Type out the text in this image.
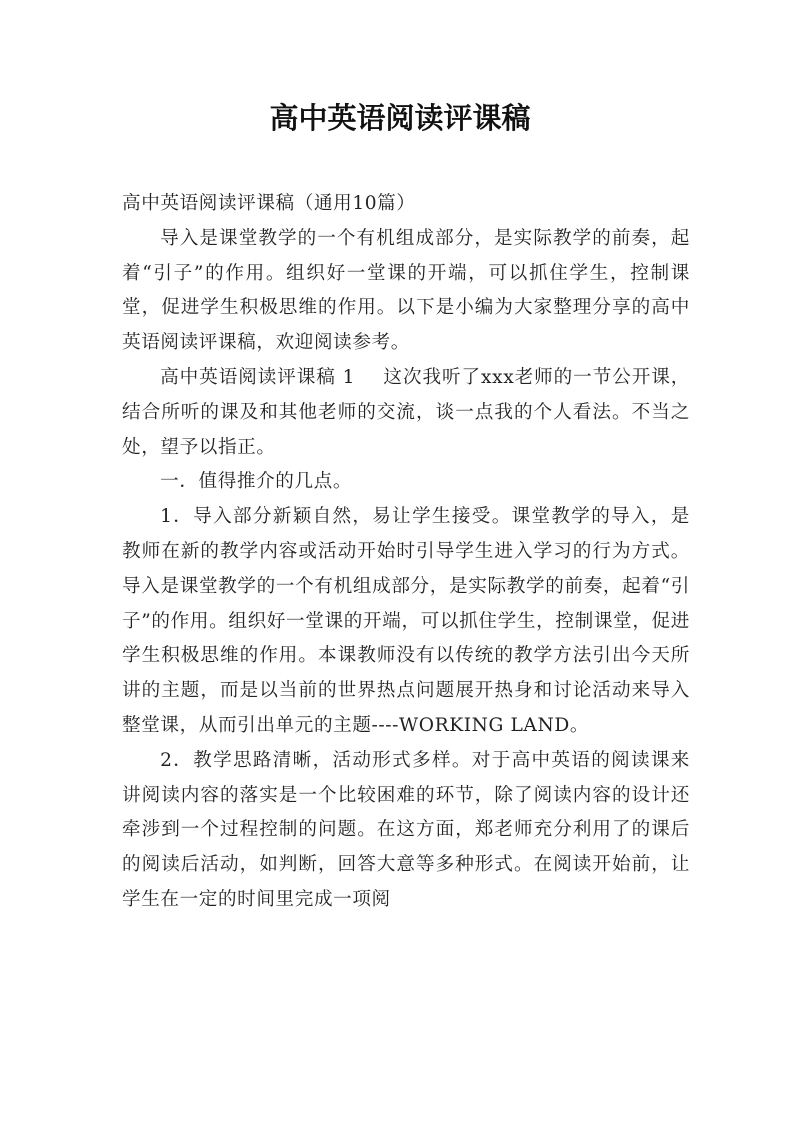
高中英语阅读评课稿

高中英语阅读评课稿（通用10篇）

导入是课堂教学的一个有机组成部分，是实际教学的前奏，起着“引子”的作用。组织好一堂课的开端，可以抓住学生，控制课堂，促进学生积极思维的作用。以下是小编为大家整理分享的高中英语阅读评课稿，欢迎阅读参考。

高中英语阅读评课稿 1 这次我听了xxx老师的一节公开课，结合所听的课及和其他老师的交流，谈一点我的个人看法。不当之处，望予以指正。

一．值得推介的几点。

1．导入部分新颖自然，易让学生接受。课堂教学的导入，是教师在新的教学内容或活动开始时引导学生进入学习的行为方式。导入是课堂教学的一个有机组成部分，是实际教学的前奏，起着“引子”的作用。组织好一堂课的开端，可以抓住学生，控制课堂，促进学生积极思维的作用。本课教师没有以传统的教学方法引出今天所讲的主题，而是以当前的世界热点问题展开热身和讨论活动来导入整堂课，从而引出单元的主题----WORKING LAND。

2．教学思路清晰，活动形式多样。对于高中英语的阅读课来讲阅读内容的落实是一个比较困难的环节，除了阅读内容的设计还牵涉到一个过程控制的问题。在这方面，郑老师充分利用了的课后的阅读后活动，如判断，回答大意等多种形式。在阅读开始前，让学生在一定的时间里完成一项阅
